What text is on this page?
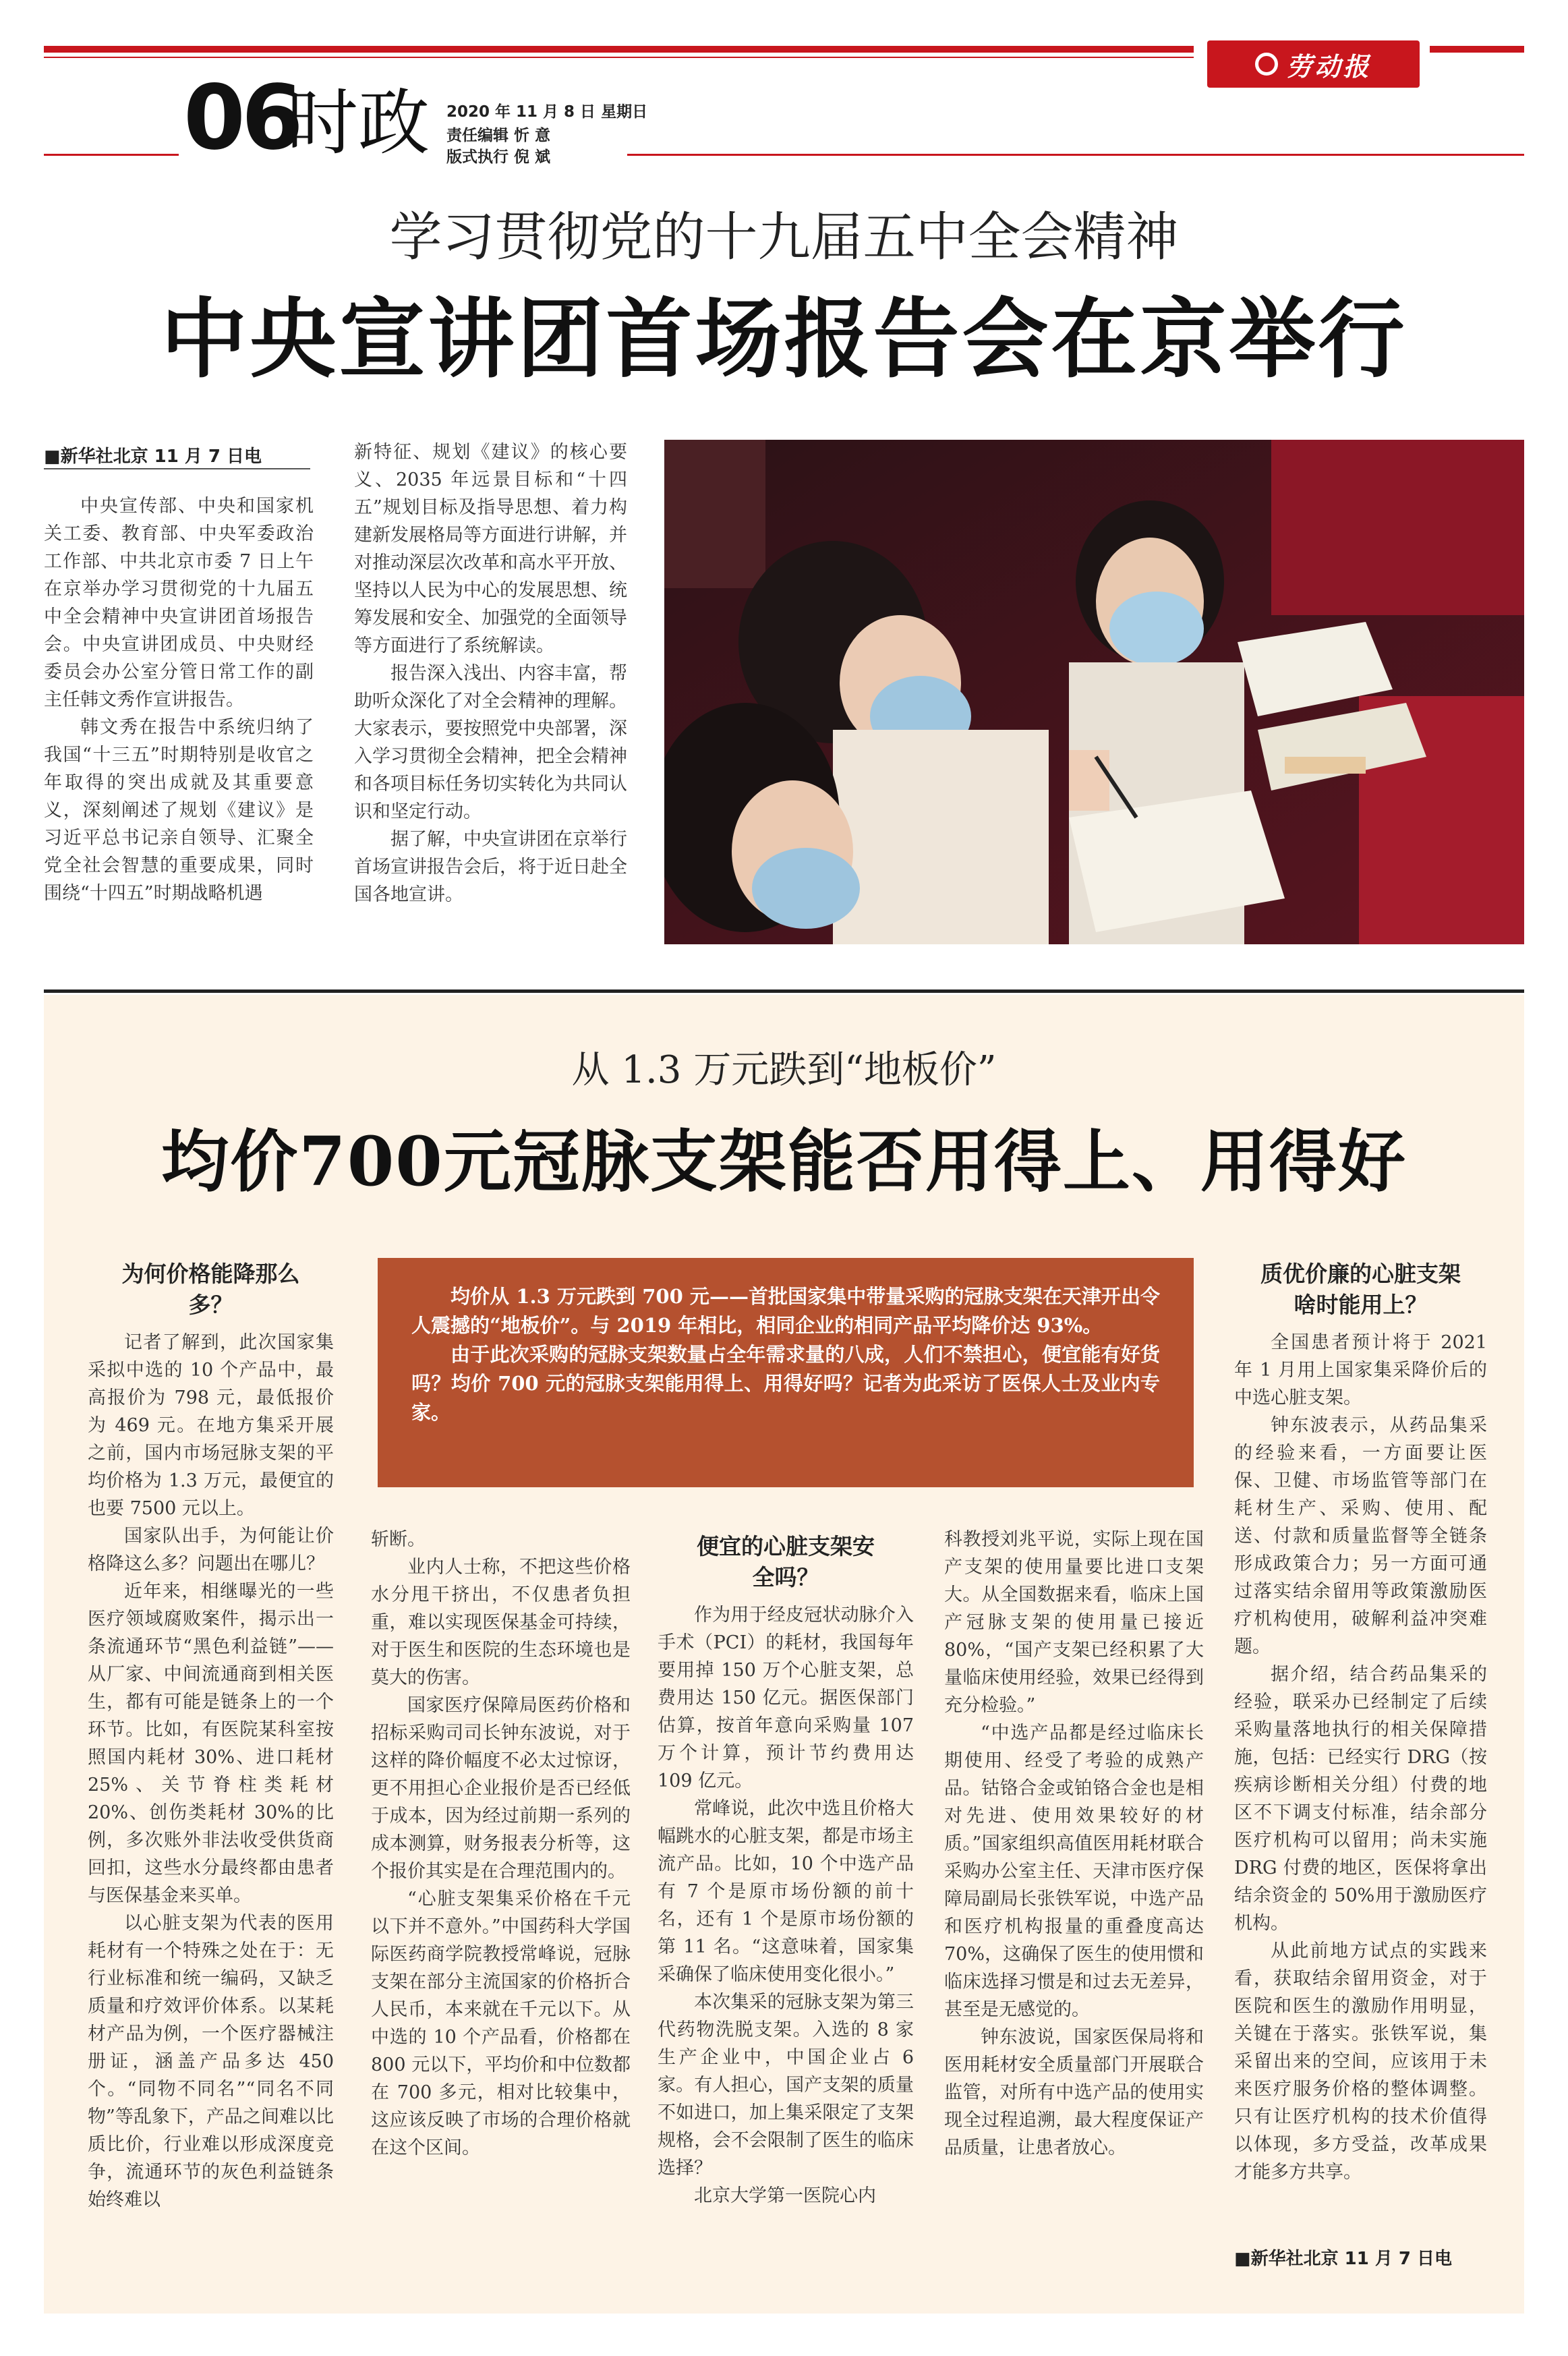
劳动报
06
时政 2020 年 11 月 8 日 星期日
责任编辑 忻 意
版式执行 倪 斌
学习贯彻党的十九届五中全会精神
中央宣讲团首场报告会在京举行
■新华社北京 11 月 7 日电

中央宣传部、中央和国家机关工委、教育部、中央军委政治工作部、中共北京市委 7 日上午在京举办学习贯彻党的十九届五中全会精神中央宣讲团首场报告会。中央宣讲团成员、中央财经委员会办公室分管日常工作的副主任韩文秀作宣讲报告。

韩文秀在报告中系统归纳了我国“十三五”时期特别是收官之年取得的突出成就及其重要意义，深刻阐述了规划《建议》是习近平总书记亲自领导、汇聚全党全社会智慧的重要成果，同时围绕“十四五”时期战略机遇

新特征、规划《建议》的核心要义、2035 年远景目标和“十四五”规划目标及指导思想、着力构建新发展格局等方面进行讲解，并对推动深层次改革和高水平开放、坚持以人民为中心的发展思想、统筹发展和安全、加强党的全面领导等方面进行了系统解读。

报告深入浅出、内容丰富，帮助听众深化了对全会精神的理解。大家表示，要按照党中央部署，深入学习贯彻全会精神，把全会精神和各项目标任务切实转化为共同认识和坚定行动。

据了解，中央宣讲团在京举行首场宣讲报告会后，将于近日赴全国各地宣讲。

从 1.3 万元跌到“地板价”
均价700元冠脉支架能否用得上、用得好

均价从 1.3 万元跌到 700 元——首批国家集中带量采购的冠脉支架在天津开出令人震撼的“地板价”。与 2019 年相比，相同企业的相同产品平均降价达 93%。

由于此次采购的冠脉支架数量占全年需求量的八成，人们不禁担心，便宜能有好货吗？均价 700 元的冠脉支架能用得上、用得好吗？记者为此采访了医保人士及业内专家。

为何价格能降那么多？

记者了解到，此次国家集采拟中选的 10 个产品中，最高报价为 798 元，最低报价为 469 元。在地方集采开展之前，国内市场冠脉支架的平均价格为 1.3 万元，最便宜的也要 7500 元以上。

国家队出手，为何能让价格降这么多？问题出在哪儿？

近年来，相继曝光的一些医疗领域腐败案件，揭示出一条流通环节“黑色利益链”——从厂家、中间流通商到相关医生，都有可能是链条上的一个环节。比如，有医院某科室按照国内耗材 30%、进口耗材 25%、关节脊柱类耗材 20%、创伤类耗材 30%的比例，多次账外非法收受供货商回扣，这些水分最终都由患者与医保基金来买单。

以心脏支架为代表的医用耗材有一个特殊之处在于：无行业标准和统一编码，又缺乏质量和疗效评价体系。以某耗材产品为例，一个医疗器械注册证，涵盖产品多达 450 个。“同物不同名”“同名不同物”等乱象下，产品之间难以比质比价，行业难以形成深度竞争，流通环节的灰色利益链条始终难以

斩断。

业内人士称，不把这些价格水分甩干挤出，不仅患者负担重，难以实现医保基金可持续，对于医生和医院的生态环境也是莫大的伤害。

国家医疗保障局医药价格和招标采购司司长钟东波说，对于这样的降价幅度不必太过惊讶，更不用担心企业报价是否已经低于成本，因为经过前期一系列的成本测算，财务报表分析等，这个报价其实是在合理范围内的。

“心脏支架集采价格在千元以下并不意外。”中国药科大学国际医药商学院教授常峰说，冠脉支架在部分主流国家的价格折合人民币，本来就在千元以下。从中选的 10 个产品看，价格都在 800 元以下，平均价和中位数都在 700 多元，相对比较集中，这应该反映了市场的合理价格就在这个区间。

便宜的心脏支架安全吗？

作为用于经皮冠状动脉介入手术（PCI）的耗材，我国每年要用掉 150 万个心脏支架，总费用达 150 亿元。据医保部门估算，按首年意向采购量 107 万个计算，预计节约费用达 109 亿元。

常峰说，此次中选且价格大幅跳水的心脏支架，都是市场主流产品。比如，10 个中选产品有 7 个是原市场份额的前十名，还有 1 个是原市场份额的第 11 名。“这意味着，国家集采确保了临床使用变化很小。”

本次集采的冠脉支架为第三代药物洗脱支架。入选的 8 家生产企业中，中国企业占 6 家。有人担心，国产支架的质量不如进口，加上集采限定了支架规格，会不会限制了医生的临床选择？

北京大学第一医院心内

科教授刘兆平说，实际上现在国产支架的使用量要比进口支架大。从全国数据来看，临床上国产冠脉支架的使用量已接近 80%，“国产支架已经积累了大量临床使用经验，效果已经得到充分检验。”

“中选产品都是经过临床长期使用、经受了考验的成熟产品。钴铬合金或铂铬合金也是相对先进、使用效果较好的材质。”国家组织高值医用耗材联合采购办公室主任、天津市医疗保障局副局长张铁军说，中选产品和医疗机构报量的重叠度高达 70%，这确保了医生的使用惯和临床选择习惯是和过去无差异，甚至是无感觉的。

钟东波说，国家医保局将和医用耗材安全质量部门开展联合监管，对所有中选产品的使用实现全过程追溯，最大程度保证产品质量，让患者放心。

质优价廉的心脏支架啥时能用上？

全国患者预计将于 2021 年 1 月用上国家集采降价后的中选心脏支架。

钟东波表示，从药品集采的经验来看，一方面要让医保、卫健、市场监管等部门在耗材生产、采购、使用、配送、付款和质量监督等全链条形成政策合力；另一方面可通过落实结余留用等政策激励医疗机构使用，破解利益冲突难题。

据介绍，结合药品集采的经验，联采办已经制定了后续采购量落地执行的相关保障措施，包括：已经实行 DRG（按疾病诊断相关分组）付费的地区不下调支付标准，结余部分医疗机构可以留用；尚未实施 DRG 付费的地区，医保将拿出结余资金的 50%用于激励医疗机构。

从此前地方试点的实践来看，获取结余留用资金，对于医院和医生的激励作用明显，关键在于落实。张铁军说，集采留出来的空间，应该用于未来医疗服务价格的整体调整。只有让医疗机构的技术价值得以体现，多方受益，改革成果才能多方共享。

■新华社北京 11 月 7 日电
